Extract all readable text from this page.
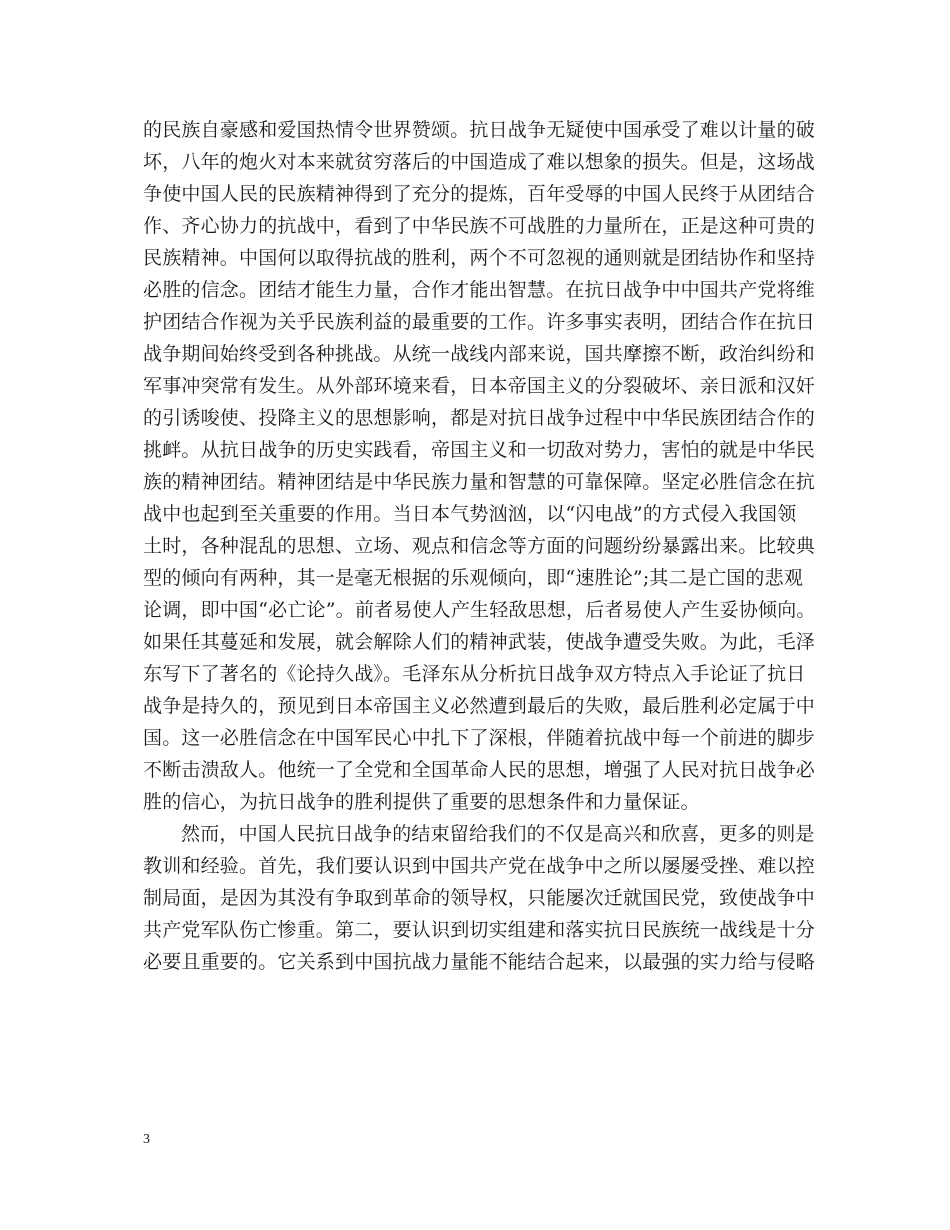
的民族自豪感和爱国热情令世界赞颂。抗日战争无疑使中国承受了难以计量的破
坏，八年的炮火对本来就贫穷落后的中国造成了难以想象的损失。但是，这场战
争使中国人民的民族精神得到了充分的提炼，百年受辱的中国人民终于从团结合
作、齐心协力的抗战中，看到了中华民族不可战胜的力量所在，正是这种可贵的
民族精神。中国何以取得抗战的胜利，两个不可忽视的通则就是团结协作和坚持
必胜的信念。团结才能生力量，合作才能出智慧。在抗日战争中中国共产党将维
护团结合作视为关乎民族利益的最重要的工作。许多事实表明，团结合作在抗日
战争期间始终受到各种挑战。从统一战线内部来说，国共摩擦不断，政治纠纷和
军事冲突常有发生。从外部环境来看，日本帝国主义的分裂破坏、亲日派和汉奸
的引诱唆使、投降主义的思想影响，都是对抗日战争过程中中华民族团结合作的
挑衅。从抗日战争的历史实践看，帝国主义和一切敌对势力，害怕的就是中华民
族的精神团结。精神团结是中华民族力量和智慧的可靠保障。坚定必胜信念在抗
战中也起到至关重要的作用。当日本气势汹汹，以“闪电战”的方式侵入我国领
土时，各种混乱的思想、立场、观点和信念等方面的问题纷纷暴露出来。比较典
型的倾向有两种，其一是毫无根据的乐观倾向，即“速胜论”;其二是亡国的悲观
论调，即中国“必亡论”。前者易使人产生轻敌思想，后者易使人产生妥协倾向。
如果任其蔓延和发展，就会解除人们的精神武装，使战争遭受失败。为此，毛泽
东写下了著名的《论持久战》。毛泽东从分析抗日战争双方特点入手论证了抗日
战争是持久的，预见到日本帝国主义必然遭到最后的失败，最后胜利必定属于中
国。这一必胜信念在中国军民心中扎下了深根，伴随着抗战中每一个前进的脚步
不断击溃敌人。他统一了全党和全国革命人民的思想，增强了人民对抗日战争必
胜的信心，为抗日战争的胜利提供了重要的思想条件和力量保证。
然而，中国人民抗日战争的结束留给我们的不仅是高兴和欣喜，更多的则是
教训和经验。首先，我们要认识到中国共产党在战争中之所以屡屡受挫、难以控
制局面，是因为其没有争取到革命的领导权，只能屡次迁就国民党，致使战争中
共产党军队伤亡惨重。第二，要认识到切实组建和落实抗日民族统一战线是十分
必要且重要的。它关系到中国抗战力量能不能结合起来，以最强的实力给与侵略
3
